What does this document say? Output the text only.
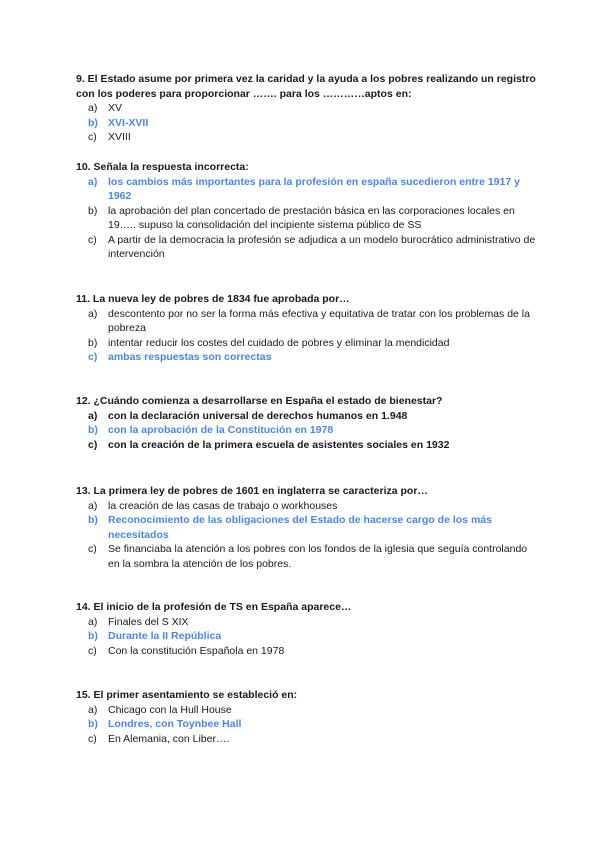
9. El Estado asume por primera vez la caridad y la ayuda a los pobres realizando un registro con los poderes para proporcionar ……. para los …………aptos en:

a) XV
b) XVI-XVII
c) XVIII

10. Señala la respuesta incorrecta:

a) los cambios más importantes para la profesión en españa sucedieron entre 1917 y 1962
b) la aprobación del plan concertado de prestación básica en las corporaciones locales en 19….. supuso la consolidación del incipiente sistema público de SS
c) A partir de la democracia la profesión se adjudica a un modelo burocrático administrativo de intervención

11. La nueva ley de pobres de 1834 fue aprobada por…

a) descontento por no ser la forma más efectiva y equitativa de tratar con los problemas de la pobreza
b) intentar reducir los costes del cuidado de pobres y eliminar la mendicidad
c) ambas respuestas son correctas

12. ¿Cuándo comienza a desarrollarse en España el estado de bienestar?

a) con la declaración universal de derechos humanos en 1.948
b) con la aprobación de la Constitución en 1978
c) con la creación de la primera escuela de asistentes sociales en 1932

13. La primera ley de pobres de 1601 en inglaterra se caracteriza por…

a) la creación de las casas de trabajo o workhouses
b) Reconocimiento de las obligaciones del Estado de hacerse cargo de los más necesitados
c) Se financiaba la atención a los pobres con los fondos de la iglesia que seguía controlando en la sombra la atención de los pobres.

14. El inicio de la profesión de TS en España aparece…

a) Finales del S XIX
b) Durante la II República
c) Con la constitución Española en 1978

15. El primer asentamiento se estableció en:

a) Chicago con la Hull House
b) Londres, con Toynbee Hall
c) En Alemania, con Liber….
